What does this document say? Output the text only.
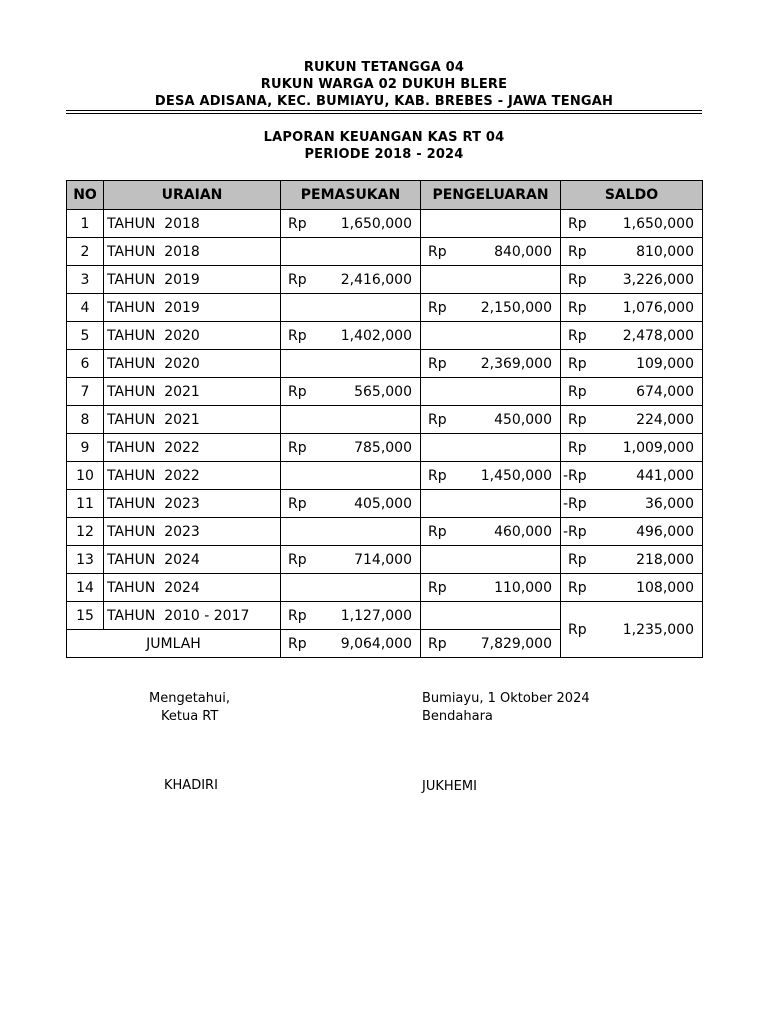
RUKUN TETANGGA 04
RUKUN WARGA 02 DUKUH BLERE
DESA ADISANA, KEC. BUMIAYU, KAB. BREBES - JAWA TENGAH
LAPORAN KEUANGAN KAS RT 04
PERIODE 2018 - 2024
NO	URAIAN	PEMASUKAN	PENGELUARAN	SALDO
1	TAHUN  2018	Rp 1,650,000		Rp 1,650,000

2	TAHUN  2018		Rp 840,000	Rp 810,000

3	TAHUN  2019	Rp 2,416,000		Rp 3,226,000

4	TAHUN  2019		Rp 2,150,000	Rp 1,076,000

5	TAHUN  2020	Rp 1,402,000		Rp 2,478,000

6	TAHUN  2020		Rp 2,369,000	Rp 109,000

7	TAHUN  2021	Rp 565,000		Rp 674,000

8	TAHUN  2021		Rp 450,000	Rp 224,000

9	TAHUN  2022	Rp 785,000		Rp 1,009,000

10	TAHUN  2022		Rp 1,450,000	-Rp 441,000

11	TAHUN  2023	Rp 405,000		-Rp 36,000

12	TAHUN  2023		Rp 460,000	-Rp 496,000

13	TAHUN  2024	Rp 714,000		Rp 218,000

14	TAHUN  2024		Rp 110,000	Rp 108,000

15	TAHUN  2010 - 2017	Rp 1,127,000		Rp 1,235,000

JUMLAH		Rp 9,064,000	Rp 7,829,000	
Mengetahui,
Ketua RT
KHADIRI
Bumiayu, 1 Oktober 2024
Bendahara
JUKHEMI
